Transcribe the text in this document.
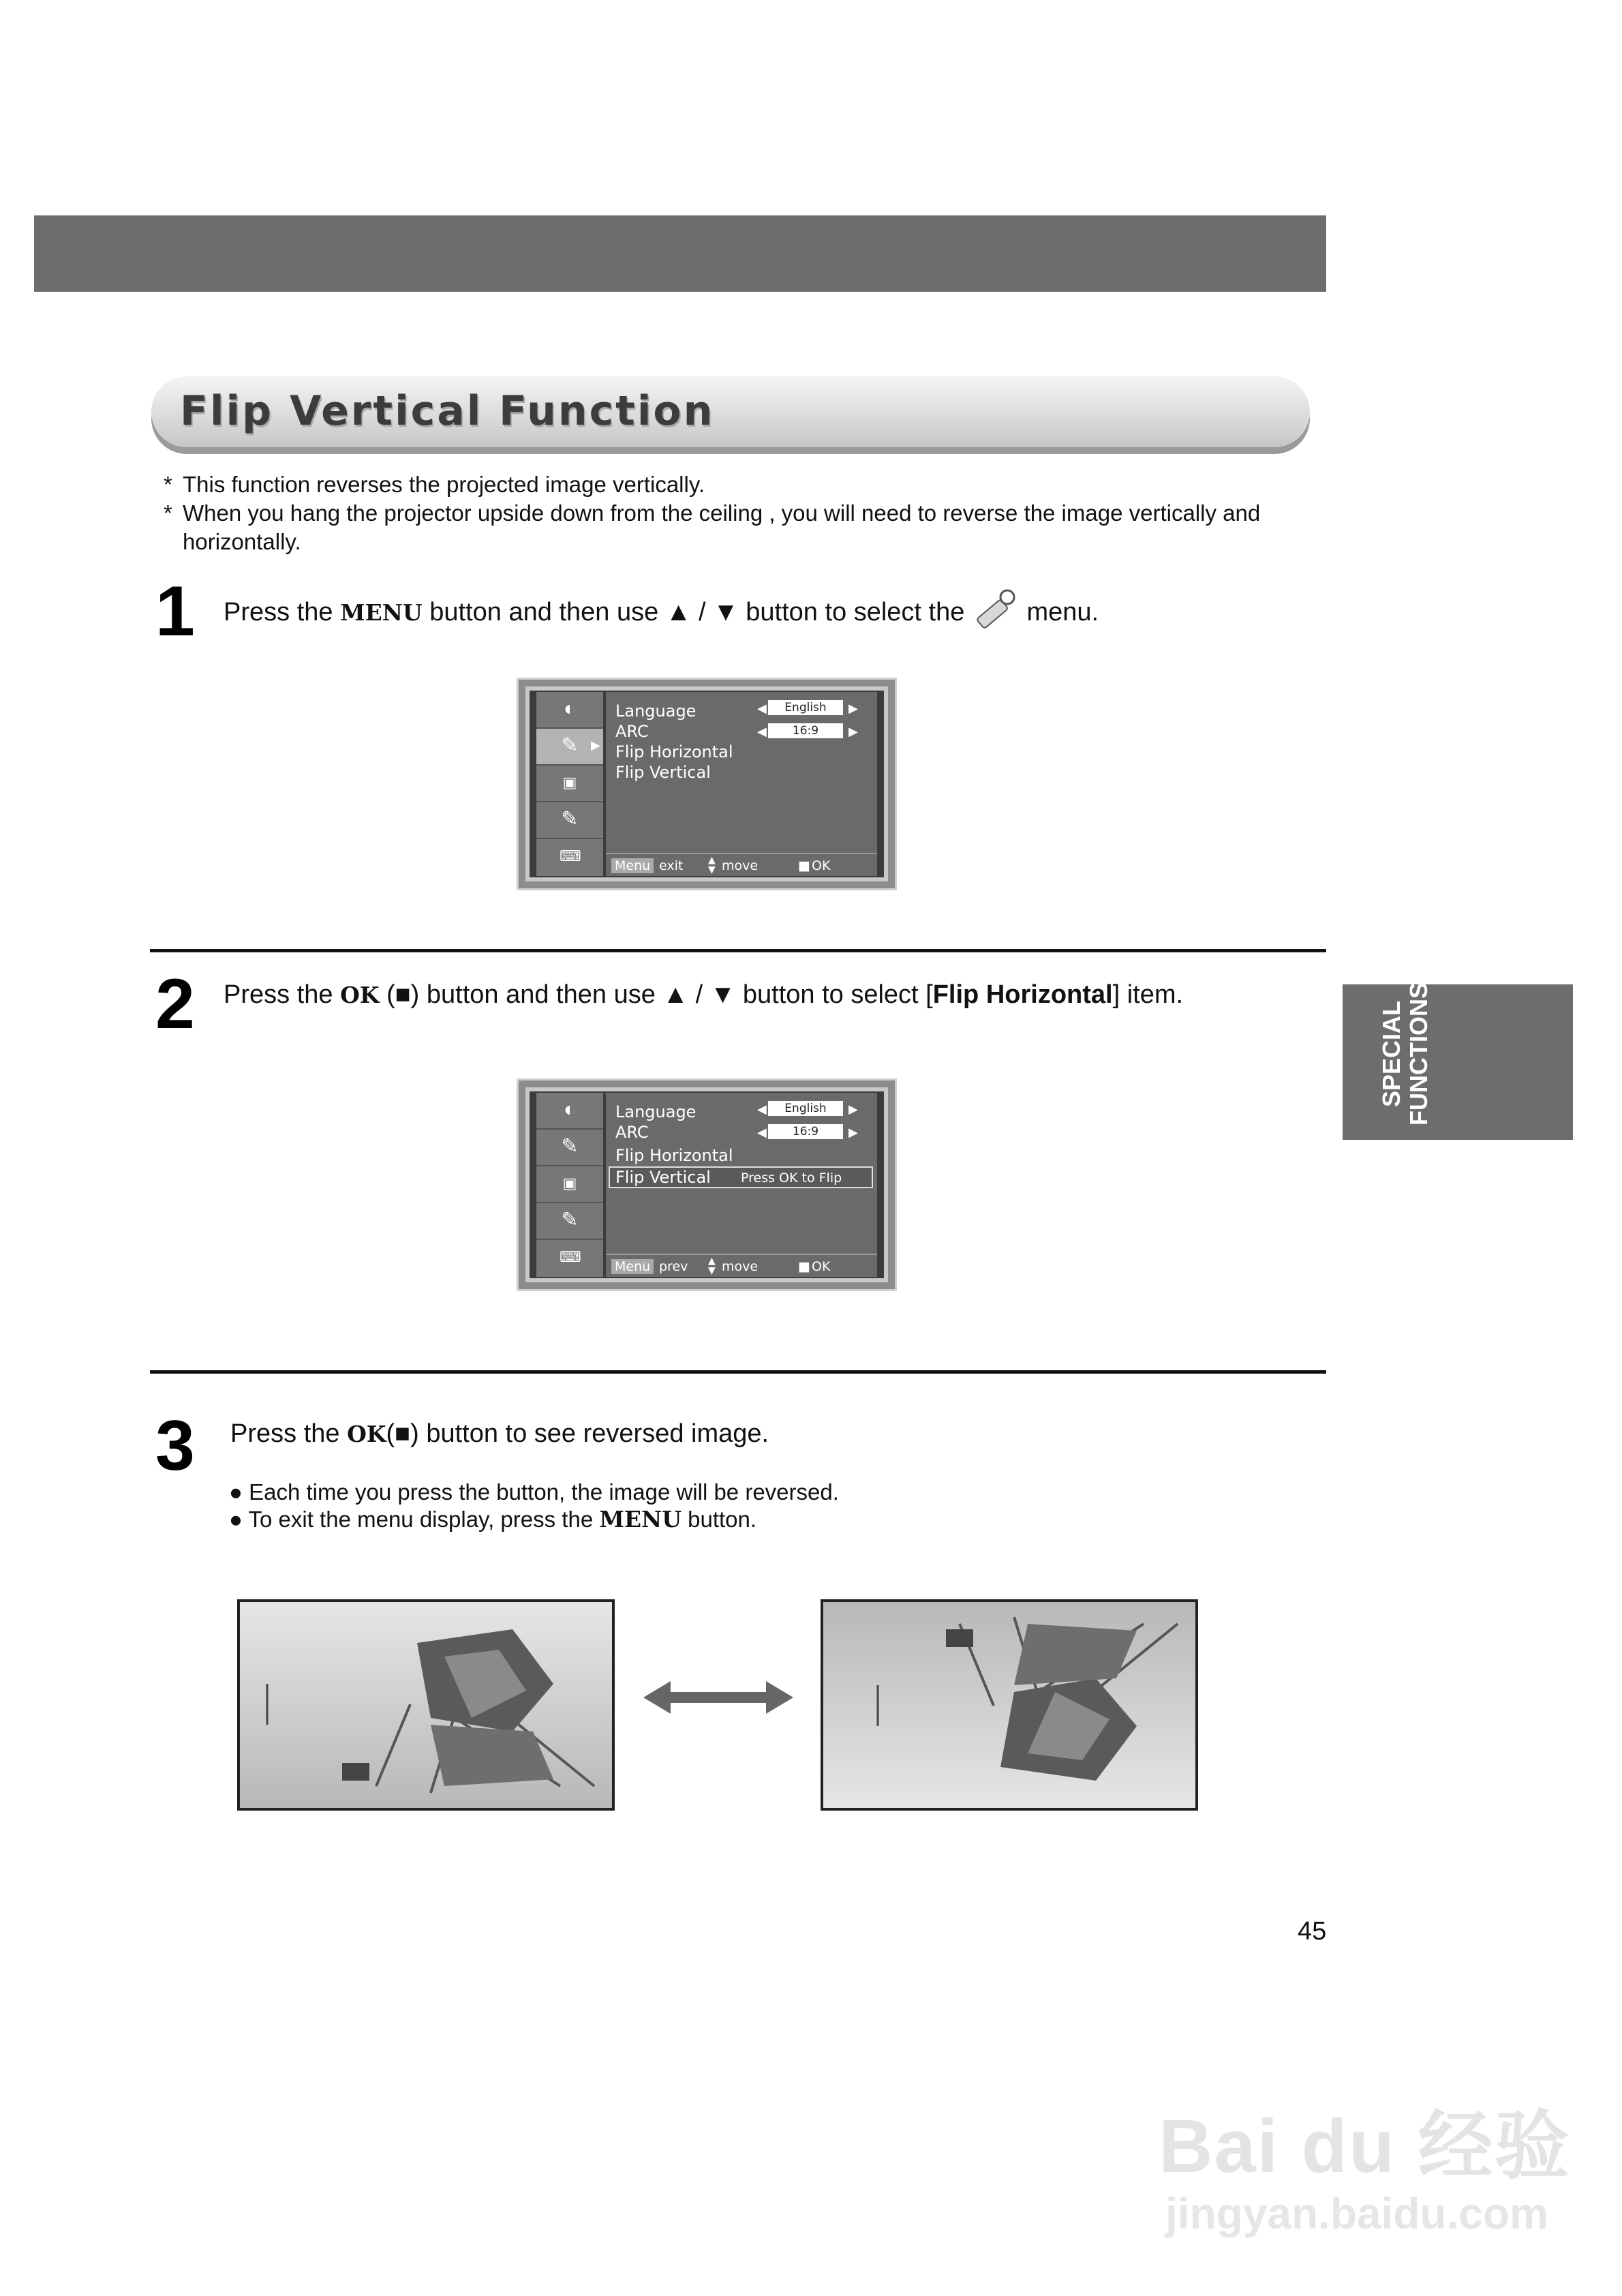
Flip Vertical Function
* This function reverses the projected image vertically.
* When you hang the projector upside down from the ceiling , you will need to reverse the image vertically and horizontally.
1 Press the MENU button and then use ▲ / ▼ button to select the  menu.
◐
✎ ▶
▣
✎
⌨
Language	◀	English	▶
ARC	◀	16:9	▶
Flip Horizontal
Flip Vertical
Menu exit	▲
▼ move	■ OK
2 Press the OK (■) button and then use ▲ / ▼ button to select [Flip Horizontal] item.
◐
✎
▣
✎
⌨
Language	◀	English	▶
ARC	◀	16:9	▶
Flip Horizontal
Flip Vertical Press OK to Flip
Menu prev ▲
▼ move	■ OK
3 Press the OK(■) button to see reversed image.
● Each time you press the button, the image will be reversed.
● To exit the menu display, press the MENU button.
SPECIAL FUNCTIONS
45
Bai du 经验
jingyan.baidu.com
